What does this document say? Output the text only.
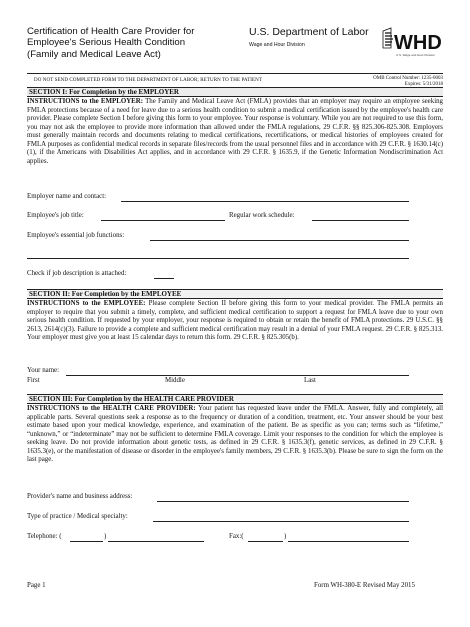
Certification of Health Care Provider for
Employee's Serious Health Condition
(Family and Medical Leave Act)
U.S. Department of Labor
Wage and Hour Division	WHD
U.S. Wage and Hour Division
DO NOT SEND COMPLETED FORM TO THE DEPARTMENT OF LABOR; RETURN TO THE PATIENT	OMB Control Number: 1235-0003
Expires: 5/31/2018
SECTION I: For Completion by the EMPLOYER
INSTRUCTIONS to the EMPLOYER: The Family and Medical Leave Act (FMLA) provides that an employer may require an employee seeking FMLA protections because of a need for leave due to a serious health condition to submit a medical certification issued by the employee's health care provider. Please complete Section I before giving this form to your employee. Your response is voluntary. While you are not required to use this form, you may not ask the employee to provide more information than allowed under the FMLA regulations, 29 C.F.R. §§ 825.306-825.308. Employers must generally maintain records and documents relating to medical certifications, recertifications, or medical histories of employees created for FMLA purposes as confidential medical records in separate files/records from the usual personnel files and in accordance with 29 C.F.R. § 1630.14(c)(1), if the Americans with Disabilities Act applies, and in accordance with 29 C.F.R. § 1635.9, if the Genetic Information Nondiscrimination Act applies.
Employer name and contact:
Employee's job title:	Regular work schedule:
Employee's essential job functions:
Check if job description is attached:
SECTION II: For Completion by the EMPLOYEE
INSTRUCTIONS to the EMPLOYEE: Please complete Section II before giving this form to your medical provider. The FMLA permits an employer to require that you submit a timely, complete, and sufficient medical certification to support a request for FMLA leave due to your own serious health condition. If requested by your employer, your response is required to obtain or retain the benefit of FMLA protections. 29 U.S.C. §§ 2613, 2614(c)(3). Failure to provide a complete and sufficient medical certification may result in a denial of your FMLA request. 29 C.F.R. § 825.313. Your employer must give you at least 15 calendar days to return this form. 29 C.F.R. § 825.305(b).
Your name:
First	Middle	Last
SECTION III: For Completion by the HEALTH CARE PROVIDER
INSTRUCTIONS to the HEALTH CARE PROVIDER: Your patient has requested leave under the FMLA. Answer, fully and completely, all applicable parts. Several questions seek a response as to the frequency or duration of a condition, treatment, etc. Your answer should be your best estimate based upon your medical knowledge, experience, and examination of the patient. Be as specific as you can; terms such as “lifetime,” “unknown,” or “indeterminate” may not be sufficient to determine FMLA coverage. Limit your responses to the condition for which the employee is seeking leave. Do not provide information about genetic tests, as defined in 29 C.F.R. § 1635.3(f), genetic services, as defined in 29 C.F.R. § 1635.3(e), or the manifestation of disease or disorder in the employee's family members, 29 C.F.R. § 1635.3(b). Please be sure to sign the form on the last page.
Provider's name and business address:
Type of practice / Medical specialty:
Telephone: (	)	Fax:(	)
Page 1	Form WH-380-E Revised May 2015
